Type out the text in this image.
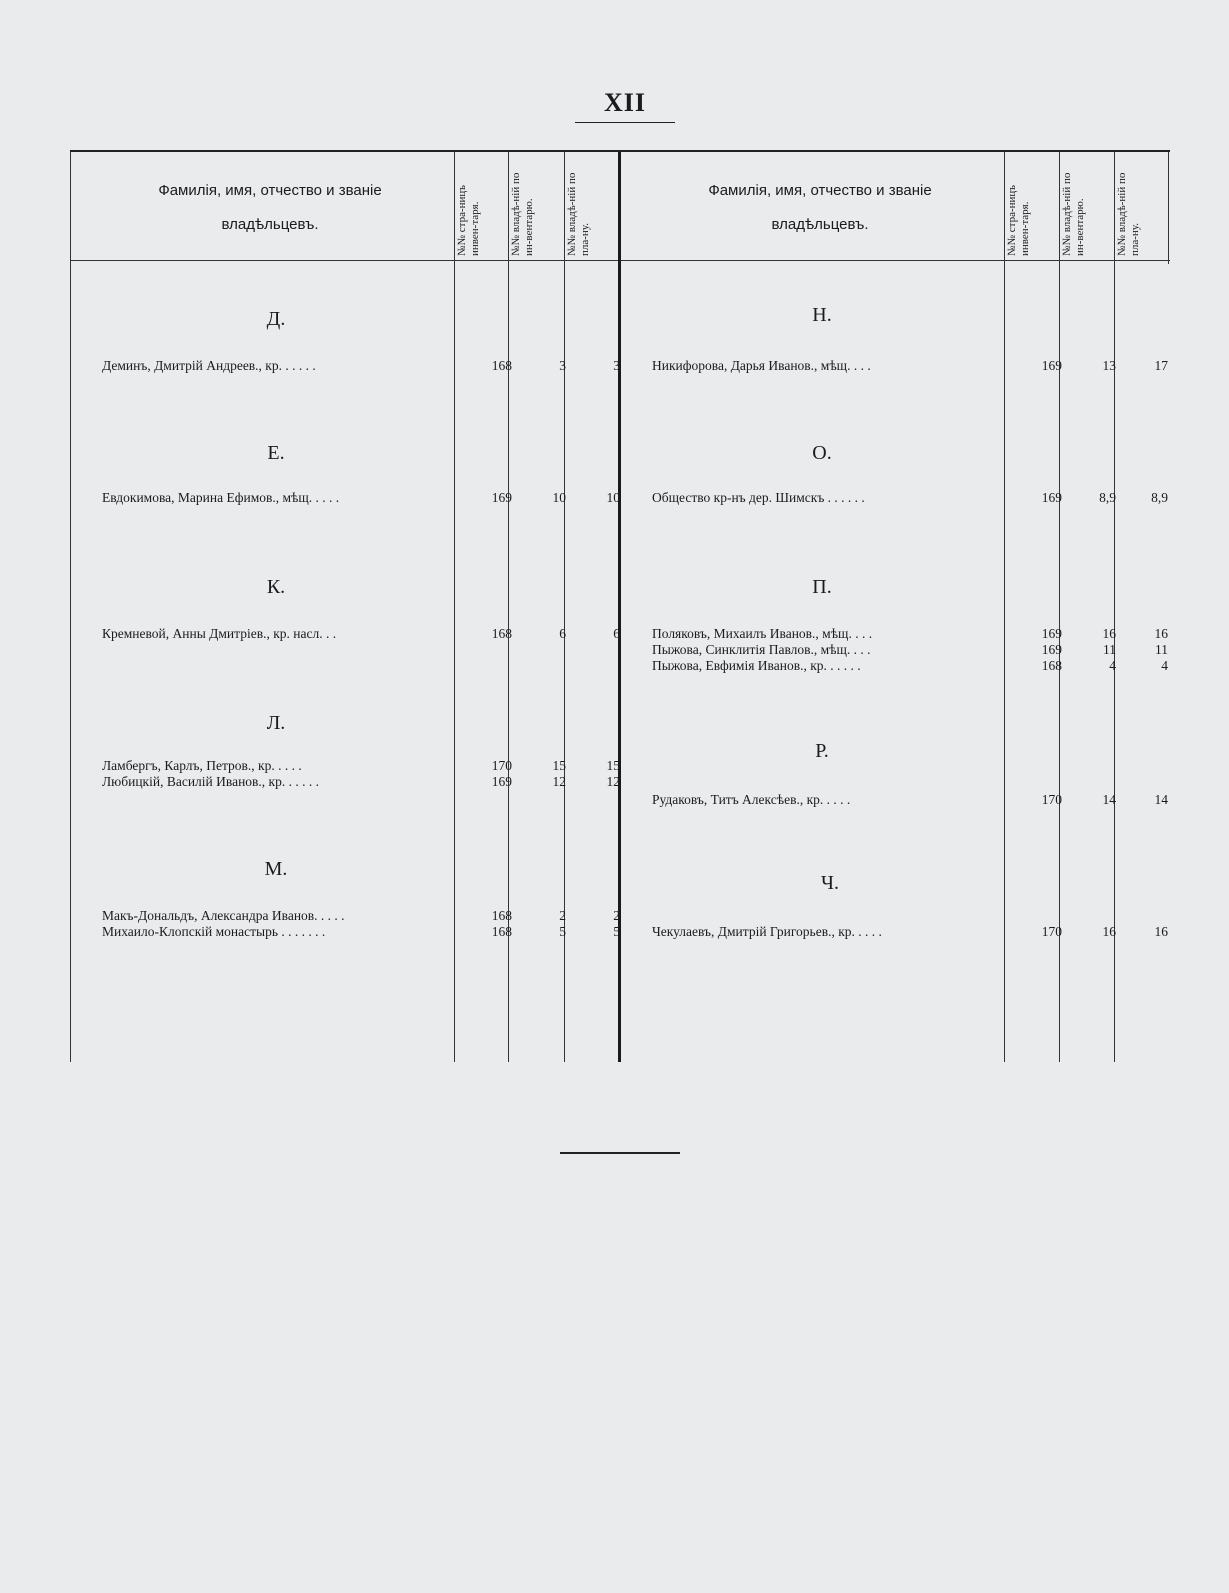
XII
Фамилія, имя, отчество и званіе владѣльцевъ.
Фамилія, имя, отчество и званіе владѣльцевъ.
№№ стра-ницъ инвен-таря.	№№ владѣ-ній по ин-вентарю.	№№ владѣ-ній по пла-ну.	№№ стра-ницъ инвен-таря.	№№ владѣ-ній по ин-вентарю.	№№ владѣ-ній по пла-ну.
Д.
Деминъ, Дмитрій Андреев., кр. . . . . .	168	3	3
Е.
Евдокимова, Марина Ефимов., мѣщ. . . . .	169	10	10
К.
Кремневой, Анны Дмитріев., кр. насл. . .	168	6	6
Л.
Ламбергъ, Карлъ, Петров., кр. . . . .	170	15	15
Любицкій, Василій Иванов., кр. . . . . .	169	12	12
М.
Макъ-Дональдъ, Александра Иванов. . . . .	168	2	2
Михаило-Клопскій монастырь . . . . . . .	168	5	5
Н.
Никифорова, Дарья Иванов., мѣщ. . . .	169	13	17
О.
Общество кр-нъ дер. Шимскъ . . . . . .	169	8,9	8,9
П.
Поляковъ, Михаилъ Иванов., мѣщ. . . .	169	16	16
Пыжова, Синклитія Павлов., мѣщ. . . .	169	11	11
Пыжова, Евфимія Иванов., кр. . . . . .	168	4	4
Р.
Рудаковъ, Титъ Алексѣев., кр. . . . .	170	14	14
Ч.
Чекулаевъ, Дмитрій Григорьев., кр. . . . .	170	16	16
